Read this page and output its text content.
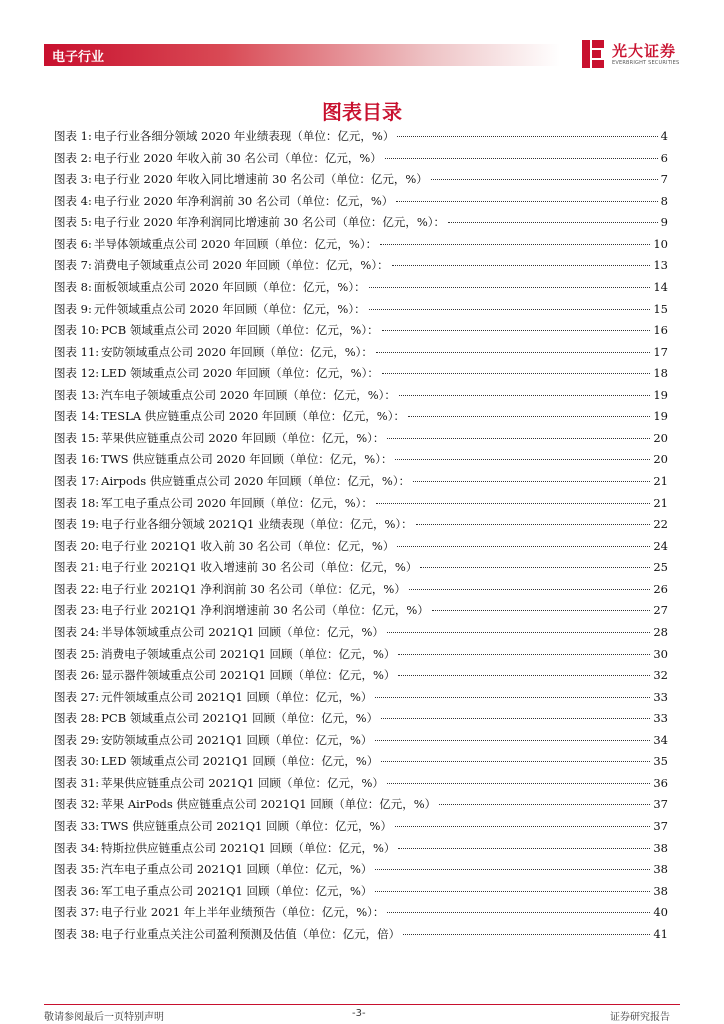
电子行业	光大证券
EVERBRIGHT SECURITIES
图表目录
图表 1: 电子行业各细分领域 2020 年业绩表现（单位：亿元，%）	4
图表 2: 电子行业 2020 年收入前 30 名公司（单位：亿元，%）	6
图表 3: 电子行业 2020 年收入同比增速前 30 名公司（单位：亿元，%）	7
图表 4: 电子行业 2020 年净利润前 30 名公司（单位：亿元，%）	8
图表 5: 电子行业 2020 年净利润同比增速前 30 名公司（单位：亿元，%）：	9
图表 6: 半导体领域重点公司 2020 年回顾（单位：亿元，%）：	10
图表 7: 消费电子领域重点公司 2020 年回顾（单位：亿元，%）：	13
图表 8: 面板领域重点公司 2020 年回顾（单位：亿元，%）：	14
图表 9: 元件领域重点公司 2020 年回顾（单位：亿元，%）：	15
图表 10: PCB 领域重点公司 2020 年回顾（单位：亿元，%）：	16
图表 11: 安防领域重点公司 2020 年回顾（单位：亿元，%）：	17
图表 12: LED 领域重点公司 2020 年回顾（单位：亿元，%）：	18
图表 13: 汽车电子领域重点公司 2020 年回顾（单位：亿元，%）：	19
图表 14: TESLA 供应链重点公司 2020 年回顾（单位：亿元，%）：	19
图表 15: 苹果供应链重点公司 2020 年回顾（单位：亿元，%）：	20
图表 16: TWS 供应链重点公司 2020 年回顾（单位：亿元，%）：	20
图表 17: Airpods 供应链重点公司 2020 年回顾（单位：亿元，%）：	21
图表 18: 军工电子重点公司 2020 年回顾（单位：亿元，%）：	21
图表 19: 电子行业各细分领域 2021Q1 业绩表现（单位：亿元，%）：	22
图表 20: 电子行业 2021Q1 收入前 30 名公司（单位：亿元，%）	24
图表 21: 电子行业 2021Q1 收入增速前 30 名公司（单位：亿元，%）	25
图表 22: 电子行业 2021Q1 净利润前 30 名公司（单位：亿元，%）	26
图表 23: 电子行业 2021Q1 净利润增速前 30 名公司（单位：亿元，%）	27
图表 24: 半导体领域重点公司 2021Q1 回顾（单位：亿元，%）	28
图表 25: 消费电子领域重点公司 2021Q1 回顾（单位：亿元，%）	30
图表 26: 显示器件领域重点公司 2021Q1 回顾（单位：亿元，%）	32
图表 27: 元件领域重点公司 2021Q1 回顾（单位：亿元，%）	33
图表 28: PCB 领域重点公司 2021Q1 回顾（单位：亿元，%）	33
图表 29: 安防领域重点公司 2021Q1 回顾（单位：亿元，%）	34
图表 30: LED 领域重点公司 2021Q1 回顾（单位：亿元，%）	35
图表 31: 苹果供应链重点公司 2021Q1 回顾（单位：亿元，%）	36
图表 32: 苹果 AirPods 供应链重点公司 2021Q1 回顾（单位：亿元，%）	37
图表 33: TWS 供应链重点公司 2021Q1 回顾（单位：亿元，%）	37
图表 34: 特斯拉供应链重点公司 2021Q1 回顾（单位：亿元，%）	38
图表 35: 汽车电子重点公司 2021Q1 回顾（单位：亿元，%）	38
图表 36: 军工电子重点公司 2021Q1 回顾（单位：亿元，%）	38
图表 37: 电子行业 2021 年上半年业绩预告（单位：亿元，%）：	40
图表 38: 电子行业重点关注公司盈利预测及估值（单位：亿元，倍）	41
敬请参阅最后一页特别声明	-3-	证券研究报告
